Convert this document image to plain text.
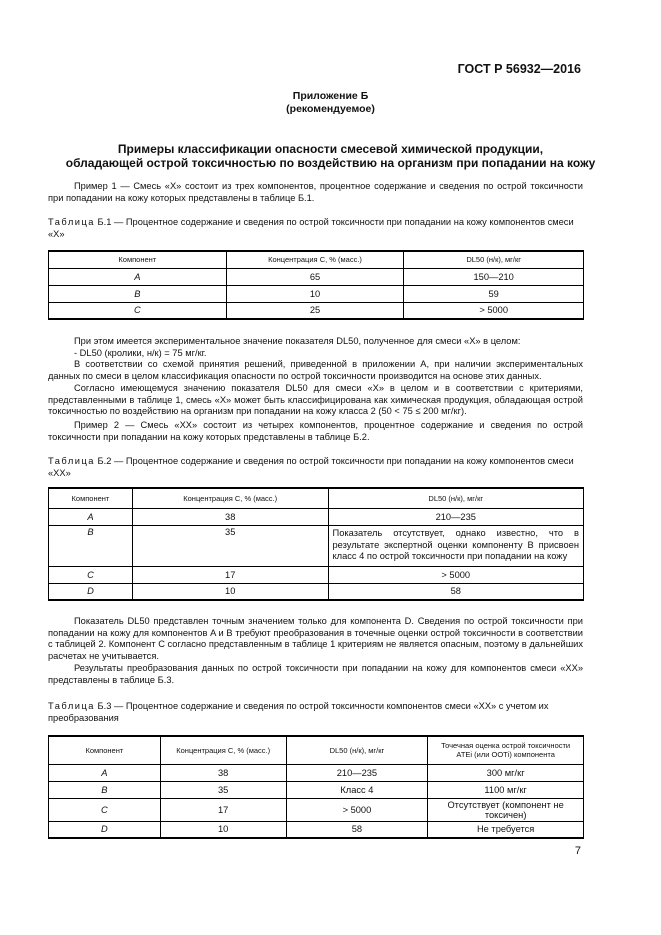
ГОСТ Р 56932—2016
Приложение Б
(рекомендуемое)
Примеры классификации опасности смесевой химической продукции,
обладающей острой токсичностью по воздействию на организм при попадании на кожу
Пример 1 — Смесь «X» состоит из трех компонентов, процентное содержание и сведения по острой токсичности при попадании на кожу которых представлены в таблице Б.1.
Таблица Б.1 — Процентное содержание и сведения по острой токсичности при попадании на кожу компонентов смеси «X»
Компонент	Концентрация C, % (масс.)	DL50 (н/к), мг/кг
A	65	150—210
B	10	59
C	25	> 5000
При этом имеется экспериментальное значение показателя DL50, полученное для смеси «X» в целом:
- DL50 (кролики, н/к) = 75 мг/кг.
В соответствии со схемой принятия решений, приведенной в приложении А, при наличии экспериментальных данных по смеси в целом классификация опасности по острой токсичности производится на основе этих данных.
Согласно имеющемуся значению показателя DL50 для смеси «X» в целом и в соответствии с критериями, представленными в таблице 1, смесь «X» может быть классифицирована как химическая продукция, обладающая острой токсичностью по воздействию на организм при попадании на кожу класса 2 (50 < 75 ≤ 200 мг/кг).
Пример 2 — Смесь «XX» состоит из четырех компонентов, процентное содержание и сведения по острой токсичности при попадании на кожу которых представлены в таблице Б.2.
Таблица Б.2 — Процентное содержание и сведения по острой токсичности при попадании на кожу компонентов смеси «XX»
Компонент	Концентрация C, % (масс.)	DL50 (н/к), мг/кг
A	38	210—235
B	35	Показатель отсутствует, однако известно, что в результате экспертной оценки компоненту B присвоен класс 4 по острой токсичности при попадании на кожу
C	17	> 5000
D	10	58
Показатель DL50 представлен точным значением только для компонента D. Сведения по острой токсичности при попадании на кожу для компонентов A и B требуют преобразования в точечные оценки острой токсичности в соответствии с таблицей 2. Компонент C согласно представленным в таблице 1 критериям не является опасным, поэтому в дальнейших расчетах не учитывается.
Результаты преобразования данных по острой токсичности при попадании на кожу для компонентов смеси «XX» представлены в таблице Б.3.
Таблица Б.3 — Процентное содержание и сведения по острой токсичности компонентов смеси «XX» с учетом их преобразования
Компонент	Концентрация C, % (масс.)	DL50 (н/к), мг/кг	Точечная оценка острой токсичности ATEi (или ООТi) компонента
A	38	210—235	300 мг/кг
B	35	Класс 4	1100 мг/кг
C	17	> 5000	Отсутствует (компонент не токсичен)
D	10	58	Не требуется
7
